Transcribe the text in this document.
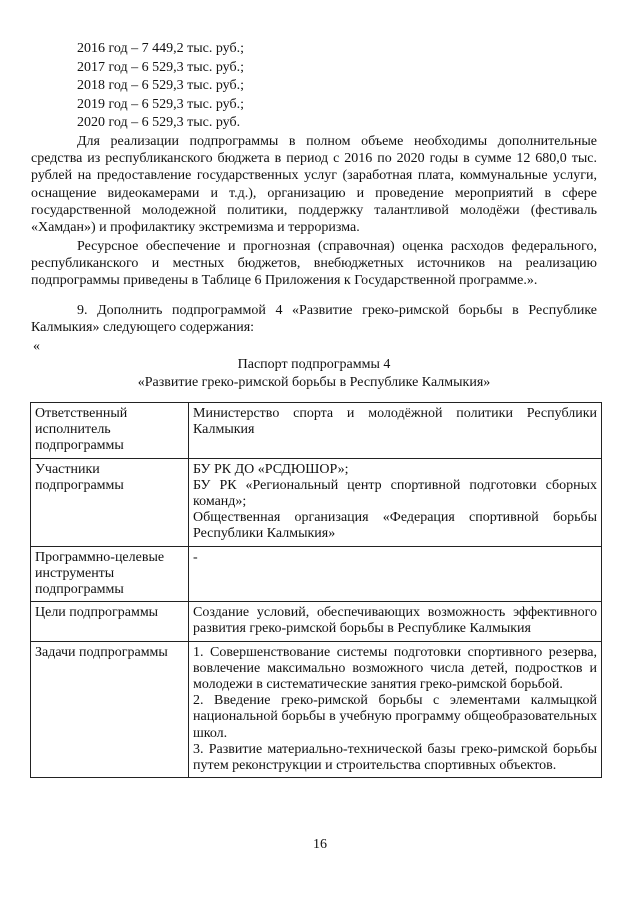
2016 год – 7 449,2 тыс. руб.;
2017 год – 6 529,3 тыс. руб.;
2018 год – 6 529,3 тыс. руб.;
2019 год – 6 529,3 тыс. руб.;
2020 год – 6 529,3 тыс. руб.

Для реализации подпрограммы в полном объеме необходимы дополнительные средства из республиканского бюджета в период с 2016 по 2020 годы в сумме 12 680,0 тыс. рублей на предоставление государственных услуг (заработная плата, коммунальные услуги, оснащение видеокамерами и т.д.), организацию и проведение мероприятий в сфере государственной молодежной политики, поддержку талантливой молодёжи (фестиваль «Хамдан») и профилактику экстремизма и терроризма.

Ресурсное обеспечение и прогнозная (справочная) оценка расходов федерального, республиканского и местных бюджетов, внебюджетных источников на реализацию подпрограммы приведены в Таблице 6 Приложения к Государственной программе.».

9. Дополнить подпрограммой 4 «Развитие греко-римской борьбы в Республике Калмыкия» следующего содержания:

«
Паспорт подпрограммы 4
«Развитие греко-римской борьбы в Республике Калмыкия»
Ответственный исполнитель подпрограммы	Министерство спорта и молодёжной политики Республики Калмыкия

Участники подпрограммы	БУ РК ДО «РСДЮШОР»;
БУ РК «Региональный центр спортивной подготовки сборных команд»;
Общественная организация «Федерация спортивной борьбы Республики Калмыкия»

Программно-целевые инструменты подпрограммы	-

Цели подпрограммы	Создание условий, обеспечивающих возможность эффективного развития греко-римской борьбы в Республике Калмыкия

Задачи подпрограммы	1. Совершенствование системы подготовки спортивного резерва, вовлечение максимально возможного числа детей, подростков и молодежи в систематические занятия греко-римской борьбой.
2. Введение греко-римской борьбы с элементами калмыцкой национальной борьбы в учебную программу общеобразовательных школ.
3. Развитие материально-технической базы греко-римской борьбы путем реконструкции и строительства спортивных объектов.
16
